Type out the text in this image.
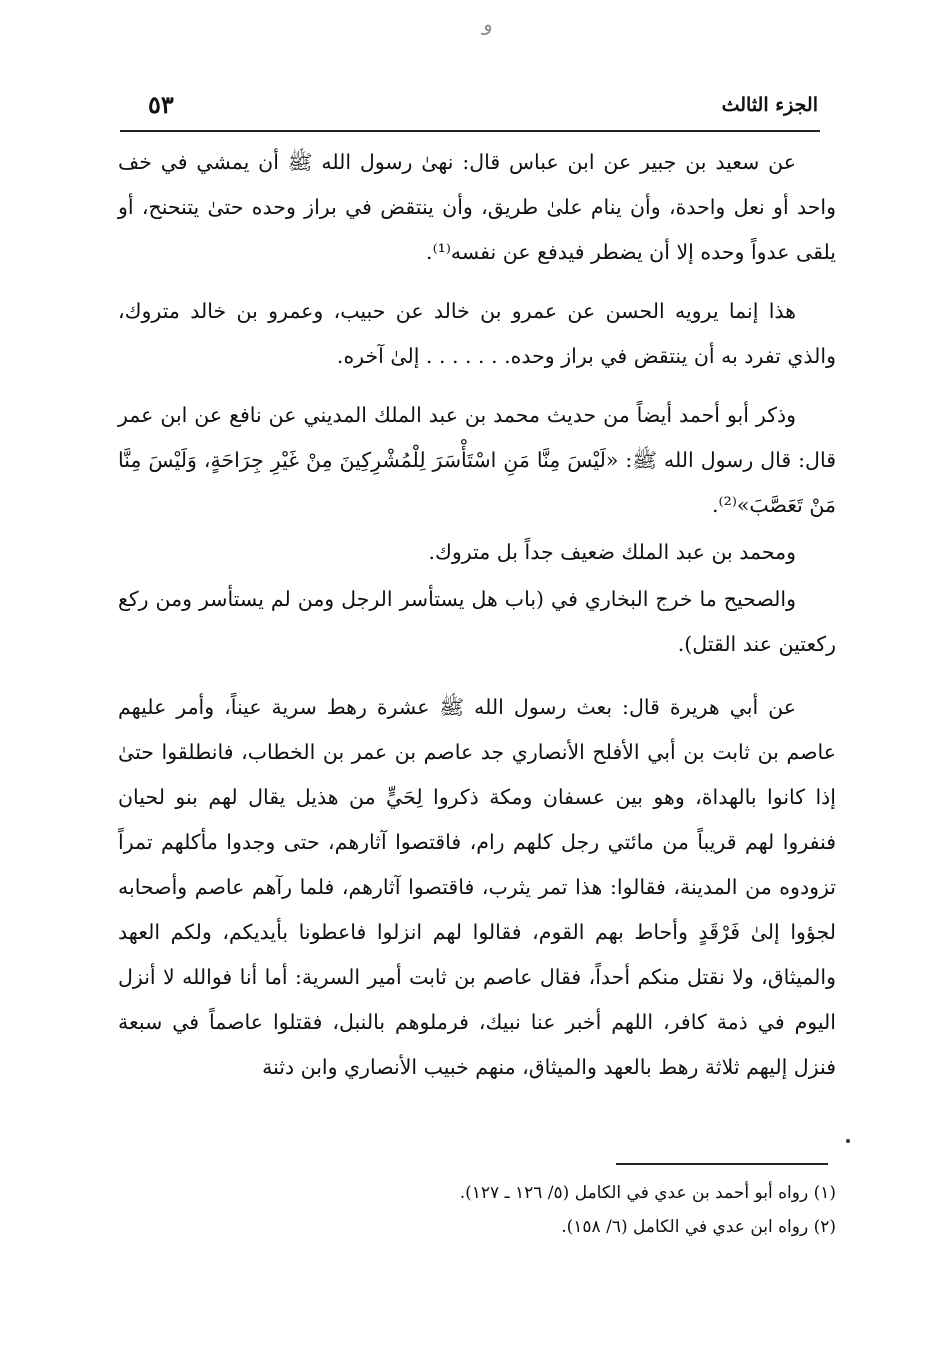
ﻭ
الجزء الثالث
٥٣

عن سعيد بن جبير عن ابن عباس قال: نهىٰ رسول الله ﷺ أن يمشي في خف واحد أو نعل واحدة، وأن ينام علىٰ طريق، وأن ينتقض في براز وحده حتىٰ يتنحنح، أو يلقى عدواً وحده إلا أن يضطر فيدفع عن نفسه⁽¹⁾.

هذا إنما يرويه الحسن عن عمرو بن خالد عن حبيب، وعمرو بن خالد متروك، والذي تفرد به أن ينتقض في براز وحده. . . . . . . إلىٰ آخره.

وذكر أبو أحمد أيضاً من حديث محمد بن عبد الملك المديني عن نافع عن ابن عمر قال: قال رسول الله ﷺ: «لَيْسَ مِنَّا مَنِ اسْتَأْسَرَ لِلْمُشْرِكِينَ مِنْ غَيْرِ جِرَاحَةٍ، وَلَيْسَ مِنَّا مَنْ تَعَصَّبَ»⁽²⁾.

ومحمد بن عبد الملك ضعيف جداً بل متروك.

والصحيح ما خرج البخاري في (باب هل يستأسر الرجل ومن لم يستأسر ومن ركع ركعتين عند القتل).

عن أبي هريرة قال: بعث رسول الله ﷺ عشرة رهط سرية عيناً، وأمر عليهم عاصم بن ثابت بن أبي الأفلح الأنصاري جد عاصم بن عمر بن الخطاب، فانطلقوا حتىٰ إذا كانوا بالهداة، وهو بين عسفان ومكة ذكروا لِحَيٍّ من هذيل يقال لهم بنو لحيان فنفروا لهم قريباً من مائتي رجل كلهم رام، فاقتصوا آثارهم، حتى وجدوا مأكلهم تمراً تزودوه من المدينة، فقالوا: هذا تمر يثرب، فاقتصوا آثارهم، فلما رآهم عاصم وأصحابه لجؤوا إلىٰ فَرْقَدٍ وأحاط بهم القوم، فقالوا لهم انزلوا فاعطونا بأيديكم، ولكم العهد والميثاق، ولا نقتل منكم أحداً، فقال عاصم بن ثابت أمير السرية: أما أنا فوالله لا أنزل اليوم في ذمة كافر، اللهم أخبر عنا نبيك، فرملوهم بالنبل، فقتلوا عاصماً في سبعة فنزل إليهم ثلاثة رهط بالعهد والميثاق، منهم خبيب الأنصاري وابن دثنة

(١) رواه أبو أحمد بن عدي في الكامل (٥/ ١٢٦ ـ ١٢٧).
(٢) رواه ابن عدي في الكامل (٦/ ١٥٨).
